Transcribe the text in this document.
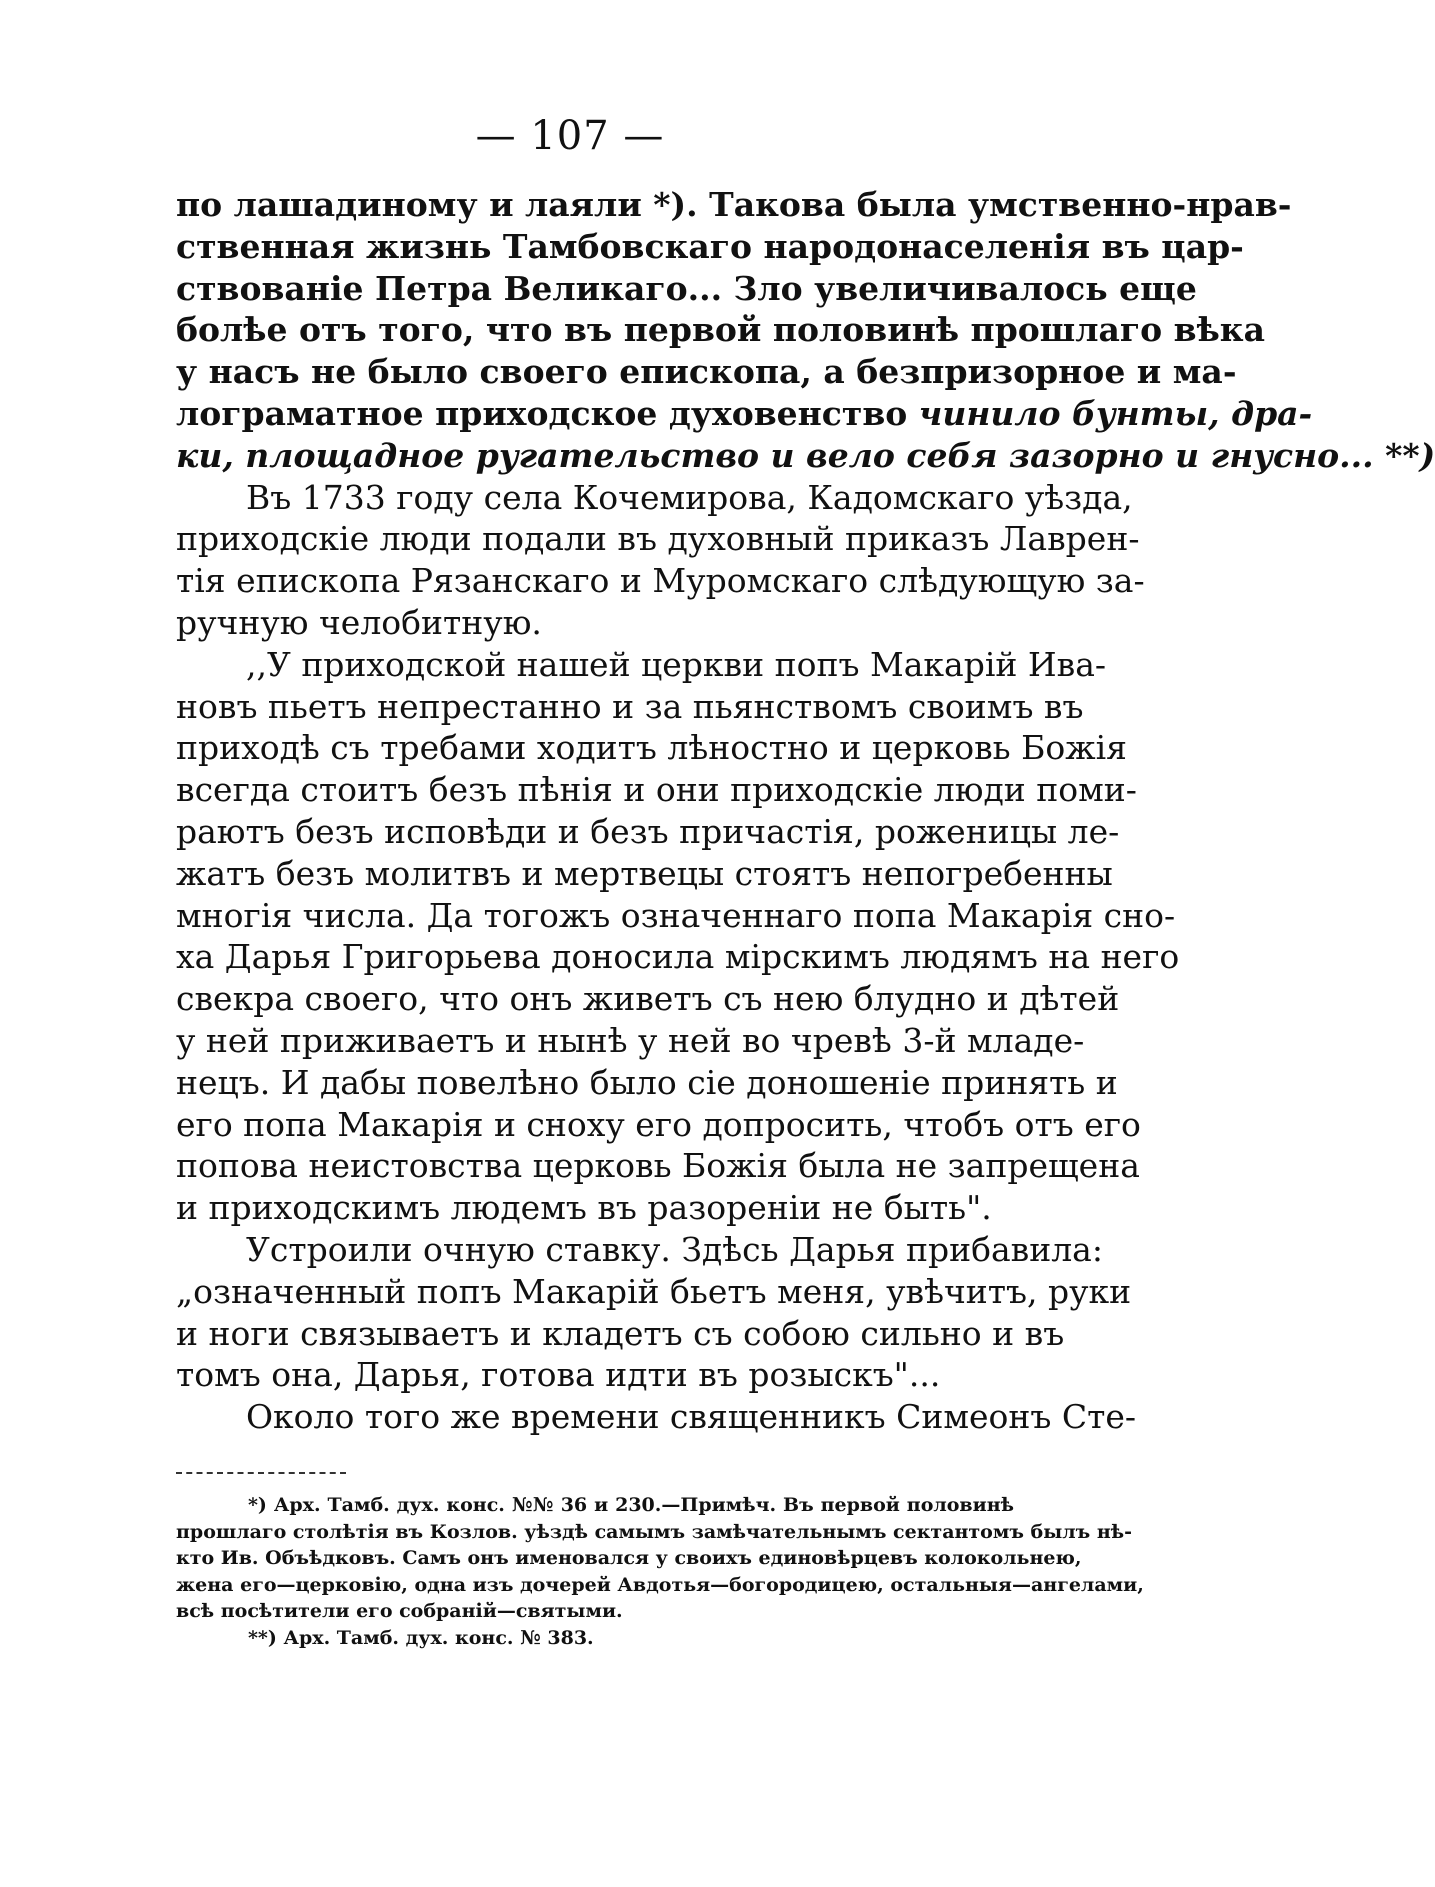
— 107 —
по лашадиному и лаяли *). Такова была умственно-нрав-
ственная жизнь Тамбовскаго народонаселенія въ цар-
ствованіе Петра Великаго... Зло увеличивалось еще
болѣе отъ того, что въ первой половинѣ прошлаго вѣка
у насъ не было своего епископа, а безпризорное и ма-
лограматное приходское духовенство чинило бунты, дра-
ки, площадное ругательство и вело себя зазорно и гнусно... **)
Въ 1733 году села Кочемирова, Кадомскаго уѣзда,
приходскіе люди подали въ духовный приказъ Лаврен-
тія епископа Рязанскаго и Муромскаго слѣдующую за-
ручную челобитную.
,,У приходской нашей церкви попъ Макарій Ива-
новъ пьетъ непрестанно и за пьянствомъ своимъ въ
приходѣ съ требами ходитъ лѣностно и церковь Божія
всегда стоитъ безъ пѣнія и они приходскіе люди поми-
раютъ безъ исповѣди и безъ причастія, роженицы ле-
жатъ безъ молитвъ и мертвецы стоятъ непогребенны
многія числа. Да тогожъ означеннаго попа Макарія сно-
ха Дарья Григорьева доносила мірскимъ людямъ на него
свекра своего, что онъ живетъ съ нею блудно и дѣтей
у ней приживаетъ и нынѣ у ней во чревѣ 3-й младе-
нецъ. И дабы повелѣно было сіе доношеніе принять и
его попа Макарія и сноху его допросить, чтобъ отъ его
попова неистовства церковь Божія была не запрещена
и приходскимъ людемъ въ разореніи не быть".
Устроили очную ставку. Здѣсь Дарья прибавила:
„означенный попъ Макарій бьетъ меня, увѣчитъ, руки
и ноги связываетъ и кладетъ съ собою сильно и въ
томъ она, Дарья, готова идти въ розыскъ"...
Около того же времени священникъ Симеонъ Сте-
*) Арх. Тамб. дух. конс. №№ 36 и 230.—Примѣч. Въ первой половинѣ
прошлаго столѣтія въ Козлов. уѣздѣ самымъ замѣчательнымъ сектантомъ былъ нѣ-
кто Ив. Объѣдковъ. Самъ онъ именовался у своихъ единовѣрцевъ колокольнею,
жена его—церковію, одна изъ дочерей Авдотья—богородицею, остальныя—ангелами,
всѣ посѣтители его собраній—святыми.
**) Арх. Тамб. дух. конс. № 383.
